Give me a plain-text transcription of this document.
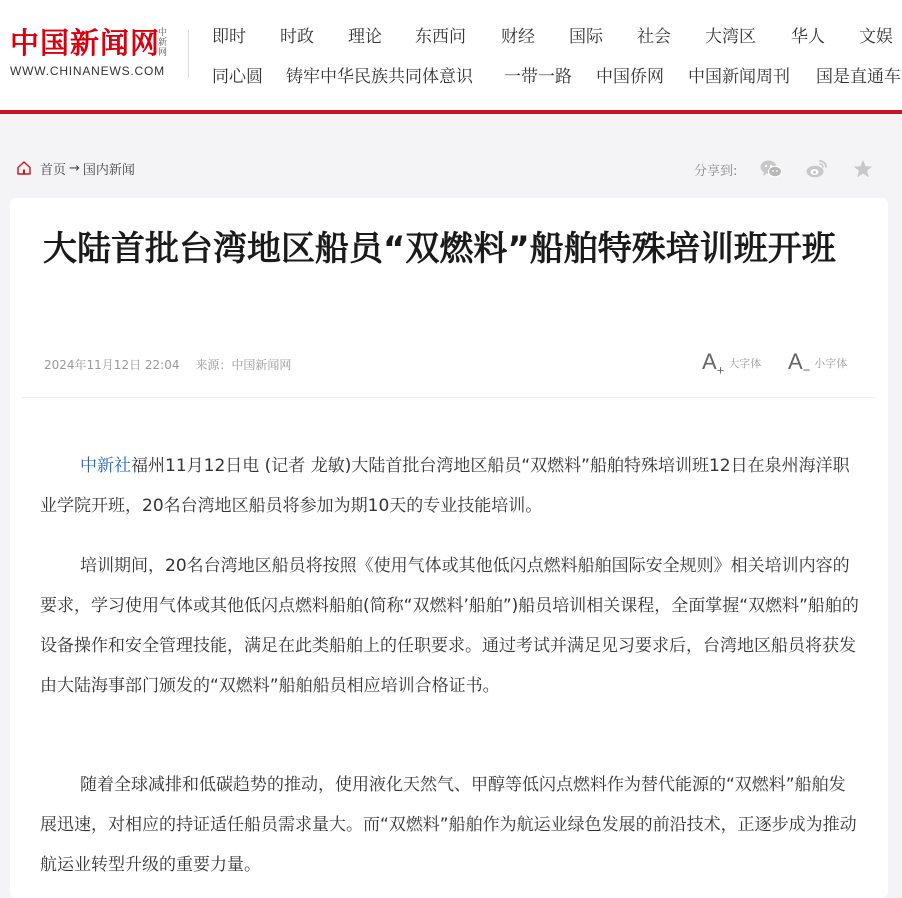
中国新闻网
中新网
WWW.CHINANEWS.COM
即时 时政 理论 东西问 财经 国际 社会 大湾区 华人 文娱
同心圆 铸牢中华民族共同体意识 一带一路 中国侨网 中国新闻周刊 国是直通车
首页 → 国内新闻	分享到:
大陆首批台湾地区船员“双燃料”船舶特殊培训班开班
2024年11月12日 22:04 来源：中国新闻网	$A_+$ 大字体 $A_-$ 小字体

中新社福州11月12日电 (记者 龙敏)大陆首批台湾地区船员“双燃料”船舶特殊培训班12日在泉州海洋职业学院开班，20名台湾地区船员将参加为期10天的专业技能培训。

培训期间，20名台湾地区船员将按照《使用气体或其他低闪点燃料船舶国际安全规则》相关培训内容的要求，学习使用气体或其他低闪点燃料船舶(简称“双燃料’船舶”)船员培训相关课程，全面掌握“双燃料”船舶的设备操作和安全管理技能，满足在此类船舶上的任职要求。通过考试并满足见习要求后，台湾地区船员将获发由大陆海事部门颁发的“双燃料”船舶船员相应培训合格证书。

随着全球减排和低碳趋势的推动，使用液化天然气、甲醇等低闪点燃料作为替代能源的“双燃料”船舶发展迅速，对相应的持证适任船员需求量大。而“双燃料”船舶作为航运业绿色发展的前沿技术，正逐步成为推动航运业转型升级的重要力量。
